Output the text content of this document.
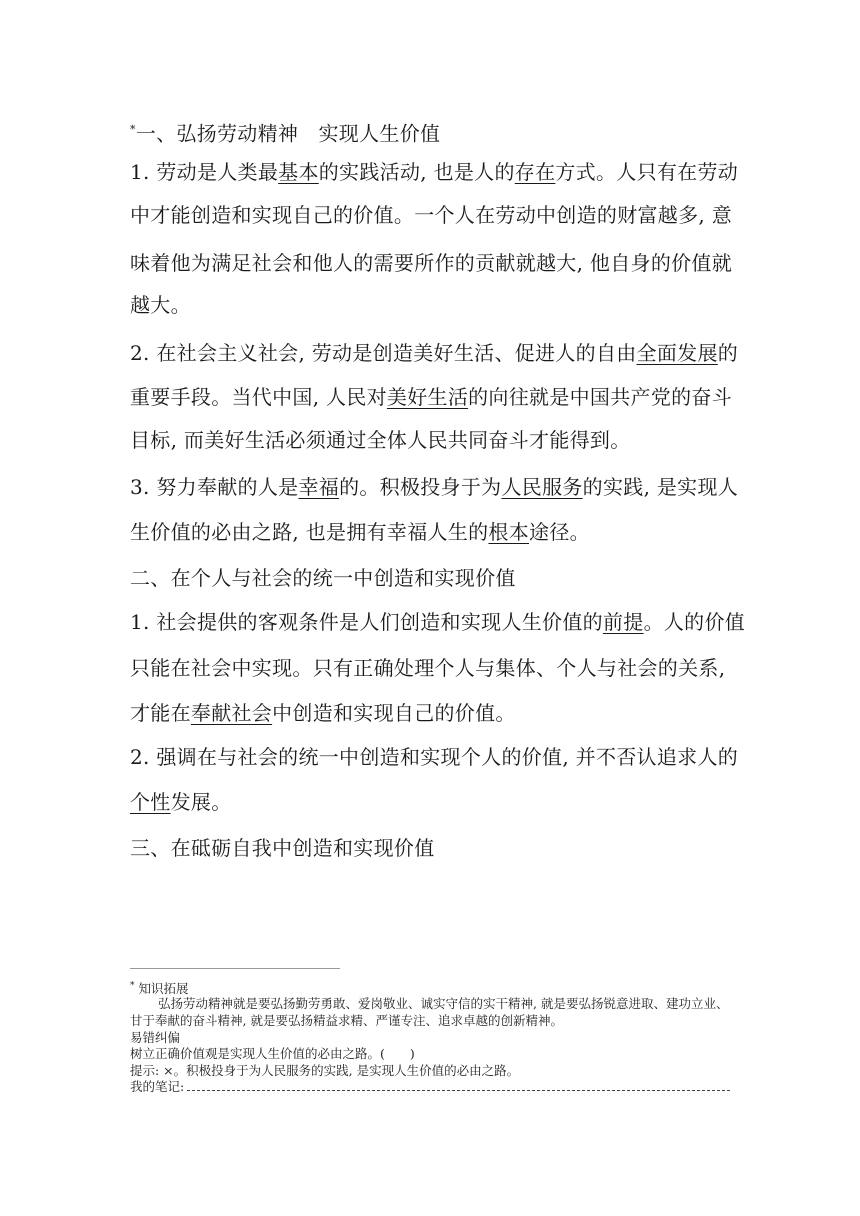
*一、弘扬劳动精神　实现人生价值
1. 劳动是人类最基本的实践活动, 也是人的存在方式。人只有在劳动
中才能创造和实现自己的价值。一个人在劳动中创造的财富越多, 意
味着他为满足社会和他人的需要所作的贡献就越大, 他自身的价值就
越大。
2. 在社会主义社会, 劳动是创造美好生活、促进人的自由全面发展的
重要手段。当代中国, 人民对美好生活的向往就是中国共产党的奋斗
目标, 而美好生活必须通过全体人民共同奋斗才能得到。
3. 努力奉献的人是幸福的。积极投身于为人民服务的实践, 是实现人
生价值的必由之路, 也是拥有幸福人生的根本途径。
二、在个人与社会的统一中创造和实现价值
1. 社会提供的客观条件是人们创造和实现人生价值的前提。人的价值
只能在社会中实现。只有正确处理个人与集体、个人与社会的关系,
才能在奉献社会中创造和实现自己的价值。
2. 强调在与社会的统一中创造和实现个人的价值, 并不否认追求人的
个性发展。
三、在砥砺自我中创造和实现价值
* 知识拓展
弘扬劳动精神就是要弘扬勤劳勇敢、爱岗敬业、诚实守信的实干精神, 就是要弘扬锐意进取、建功立业、
甘于奉献的奋斗精神, 就是要弘扬精益求精、严谨专注、追求卓越的创新精神。
易错纠偏
树立正确价值观是实现人生价值的必由之路。(　　)
提示: ×。积极投身于为人民服务的实践, 是实现人生价值的必由之路。
我的笔记:
